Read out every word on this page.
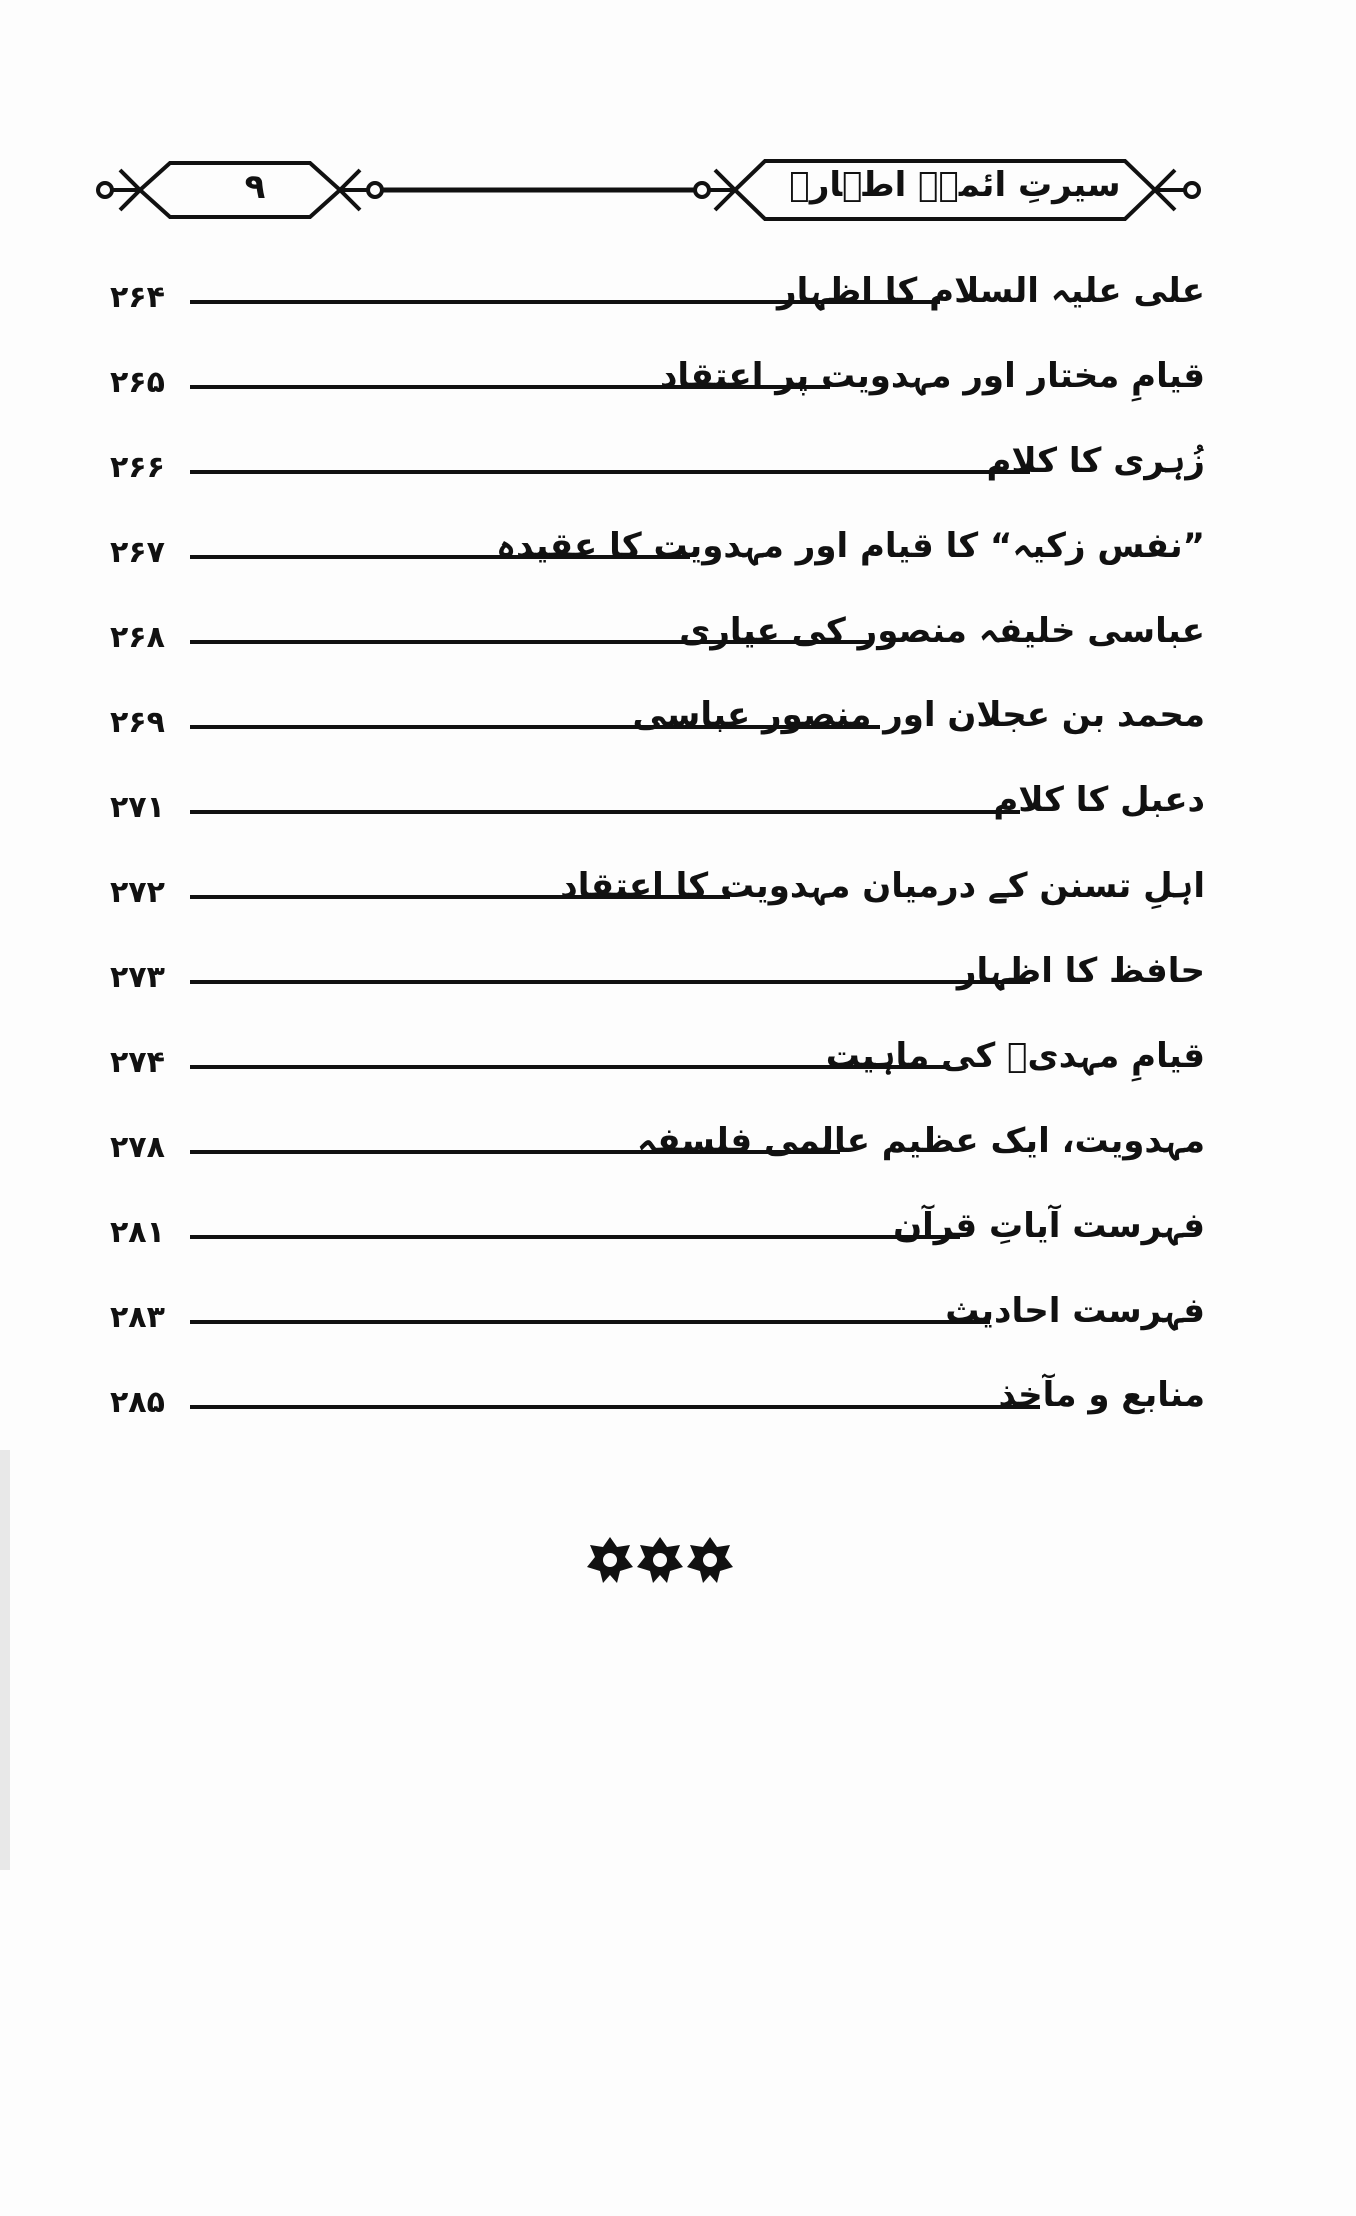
۹	سیرتِ ائمہؑ اطہارؑ
۲۶۴	علی علیہ السلام کا اظہار
۲۶۵	قیامِ مختار اور مہدویت پر اعتقاد
۲۶۶	زُہری کا کلام
۲۶۷	”نفس زکیہ“ کا قیام اور مہدویت کا عقیدہ
۲۶۸	عباسی خلیفہ منصور کی عیاری
۲۶۹	محمد بن عجلان اور منصور عباسی
۲۷۱	دعبل کا کلام
۲۷۲	اہلِ تسنن کے درمیان مہدویت کا اعتقاد
۲۷۳	حافظ کا اظہار
۲۷۴	قیامِ مہدیؑ کی ماہیت
۲۷۸	مہدویت، ایک عظیم عالمی فلسفہ
۲۸۱	فہرست آیاتِ قرآن
۲۸۳	فہرست احادیث
۲۸۵	منابع و مآخذ
